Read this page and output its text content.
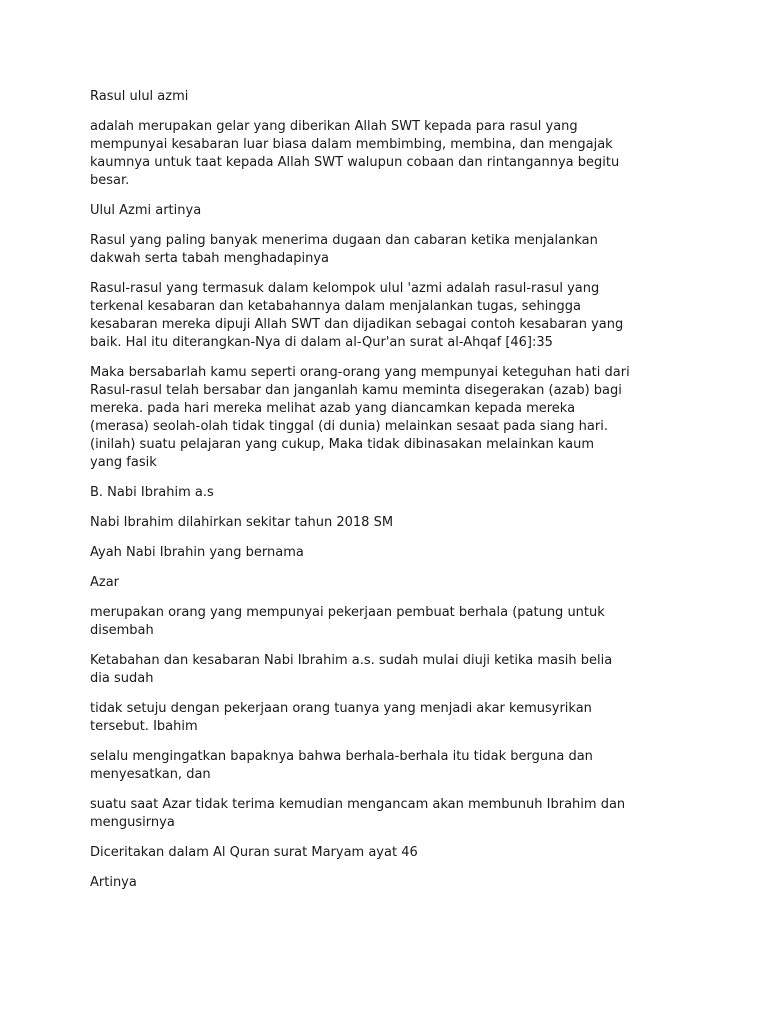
Rasul ulul azmi

adalah merupakan gelar yang diberikan Allah SWT kepada para rasul yang
mempunyai kesabaran luar biasa dalam membimbing, membina, dan mengajak
kaumnya untuk taat kepada Allah SWT walupun cobaan dan rintangannya begitu
besar.

Ulul Azmi artinya

Rasul yang paling banyak menerima dugaan dan cabaran ketika menjalankan
dakwah serta tabah menghadapinya

Rasul-rasul yang termasuk dalam kelompok ulul 'azmi adalah rasul-rasul yang
terkenal kesabaran dan ketabahannya dalam menjalankan tugas, sehingga
kesabaran mereka dipuji Allah SWT dan dijadikan sebagai contoh kesabaran yang
baik. Hal itu diterangkan-Nya di dalam al-Qur'an surat al-Ahqaf [46]:35

Maka bersabarlah kamu seperti orang-orang yang mempunyai keteguhan hati dari
Rasul-rasul telah bersabar dan janganlah kamu meminta disegerakan (azab) bagi
mereka. pada hari mereka melihat azab yang diancamkan kepada mereka
(merasa) seolah-olah tidak tinggal (di dunia) melainkan sesaat pada siang hari.
(inilah) suatu pelajaran yang cukup, Maka tidak dibinasakan melainkan kaum
yang fasik

B. Nabi Ibrahim a.s

Nabi Ibrahim dilahirkan sekitar tahun 2018 SM

Ayah Nabi Ibrahin yang bernama

Azar

merupakan orang yang mempunyai pekerjaan pembuat berhala (patung untuk
disembah

Ketabahan dan kesabaran Nabi Ibrahim a.s. sudah mulai diuji ketika masih belia
dia sudah

tidak setuju dengan pekerjaan orang tuanya yang menjadi akar kemusyrikan
tersebut. Ibahim

selalu mengingatkan bapaknya bahwa berhala-berhala itu tidak berguna dan
menyesatkan, dan

suatu saat Azar tidak terima kemudian mengancam akan membunuh Ibrahim dan
mengusirnya

Diceritakan dalam Al Quran surat Maryam ayat 46

Artinya
